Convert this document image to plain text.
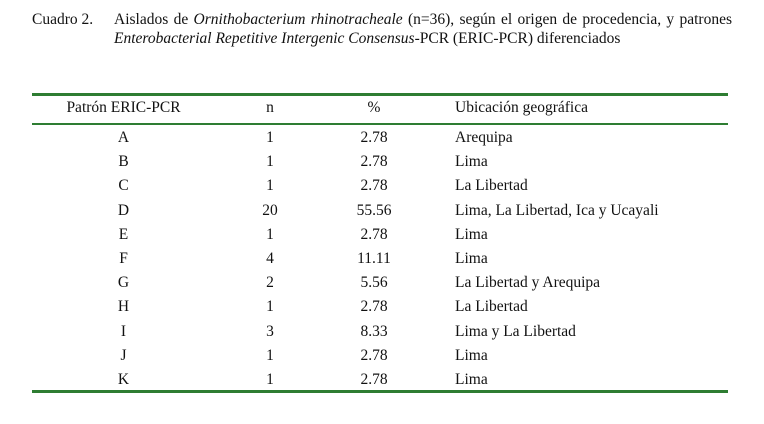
Cuadro 2.	Aislados de Ornithobacterium rhinotracheale (n=36), según el origen de procedencia, y patrones Enterobacterial Repetitive Intergenic Consensus-PCR (ERIC-PCR) diferenciados
Patrón ERIC-PCR	n	%	Ubicación geográfica
A	1	2.78	Arequipa
B	1	2.78	Lima
C	1	2.78	La Libertad
D	20	55.56	Lima, La Libertad, Ica y Ucayali
E	1	2.78	Lima
F	4	11.11	Lima
G	2	5.56	La Libertad y Arequipa
H	1	2.78	La Libertad
I	3	8.33	Lima y La Libertad
J	1	2.78	Lima
K	1	2.78	Lima
